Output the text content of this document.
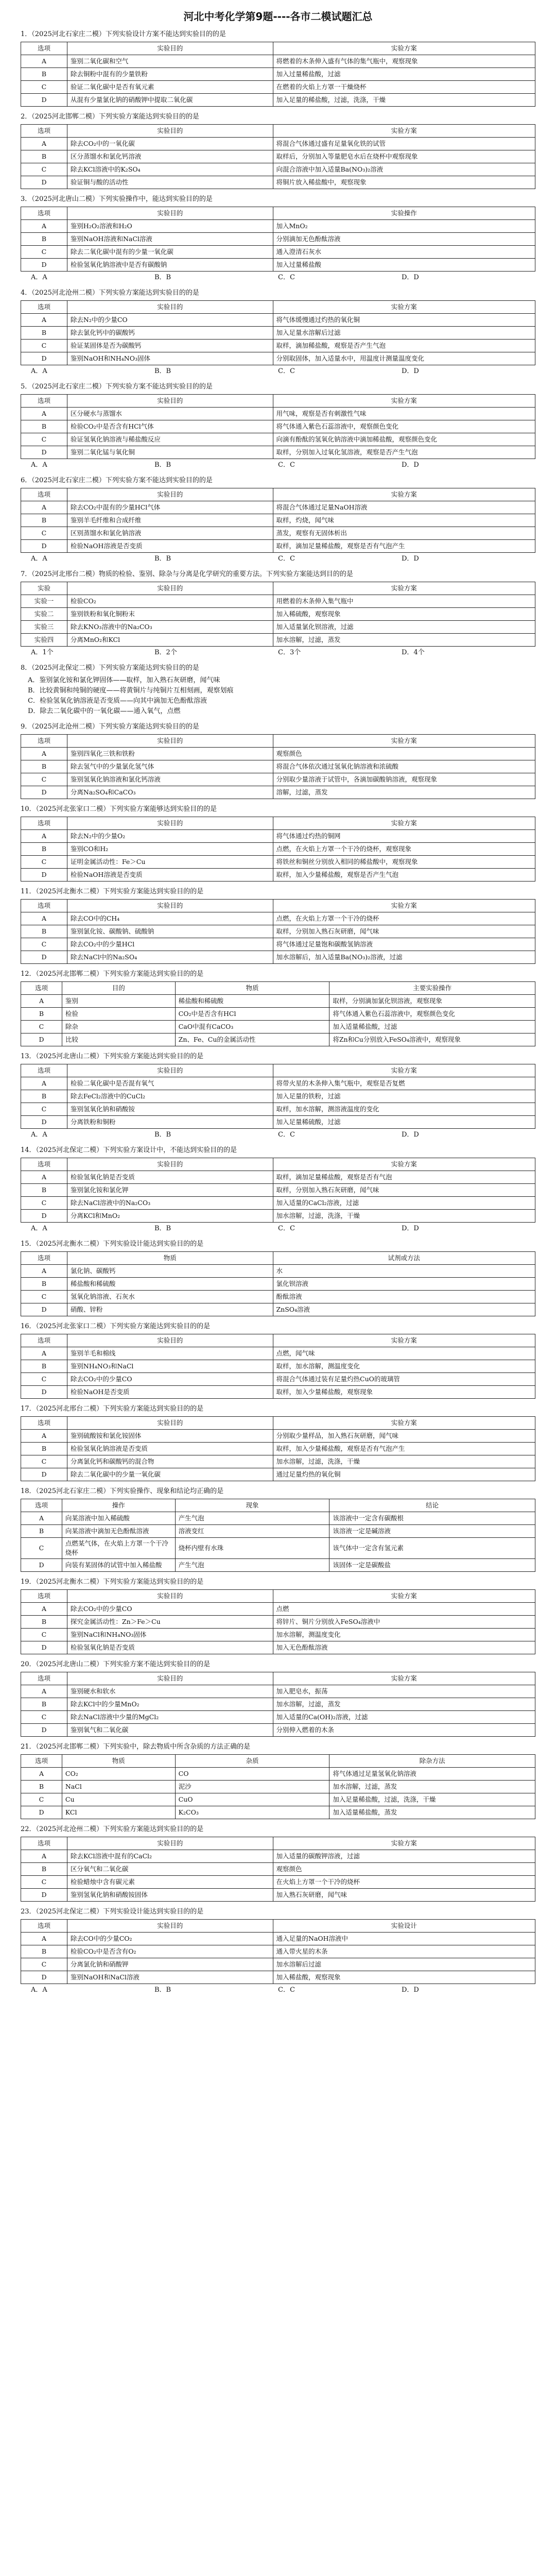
河北中考化学第9题----各市二模试题汇总
1．（2025河北石家庄二模）下列实验设计方案不能达到实验目的的是
选项	实验目的	实验方案
A	鉴别二氧化碳和空气	将燃着的木条伸入盛有气体的集气瓶中，观察现象
B	除去铜粉中混有的少量铁粉	加入过量稀盐酸，过滤
C	验证二氧化碳中是否有氧元素	在燃着的火焰上方罩一干燥烧杯
D	从混有少量氯化钠的硝酸钾中提取二氧化碳	加入足量的稀盐酸，过滤，洗涤，干燥
2．（2025河北邯郸二模）下列实验方案能达到实验目的的是
选项	实验目的	实验方案
A	除去CO₂中的一氧化碳	将混合气体通过盛有足量氧化铁的试管
B	区分蒸馏水和氯化钙溶液	取样后，分别加入等量肥皂水后在烧杯中观察现象
C	除去KCl溶液中的K₂SO₄	向混合溶液中加入适量Ba(NO₃)₂溶液
D	验证铜与酸的活动性	将铜片放入稀盐酸中，观察现象
3．（2025河北唐山二模）下列实验操作中，能达到实验目的的是
选项	实验目的	实验操作
A	鉴别H₂O₂溶液和H₂O	加入MnO₂
B	鉴别NaOH溶液和NaCl溶液	分别滴加无色酚酞溶液
C	除去二氧化碳中混有的少量一氧化碳	通入澄清石灰水
D	检验氢氧化钠溶液中是否有碳酸钠	加入过量稀盐酸
A．A	B．B	C．C	D．D
4．（2025河北沧州二模）下列实验方案能达到实验目的的是
选项	实验目的	实验方案
A	除去N₂中的少量CO	将气体缓慢通过灼热的氧化铜
B	除去氯化钙中的碳酸钙	加入足量水溶解后过滤
C	验证某固体是否为碳酸钙	取样，滴加稀盐酸，观察是否产生气泡
D	鉴别NaOH和NH₄NO₃固体	分别取固体，加入适量水中，用温度计测量温度变化
A．A	B．B	C．C	D．D
5．（2025河北石家庄二模）下列实验方案不能达到实验目的的是
选项	实验目的	实验方案
A	区分硬水与蒸馏水	用气味，观察是否有刺激性气味
B	检验CO₂中是否含有HCl气体	将气体通入紫色石蕊溶液中，观察颜色变化
C	验证氢氧化钠溶液与稀盐酸反应	向滴有酚酞的氢氧化钠溶液中滴加稀盐酸，观察颜色变化
D	鉴别二氧化锰与氧化铜	取样，分别加入过氧化氢溶液，观察是否产生气泡
A．A	B．B	C．C	D．D
6．（2025河北石家庄二模）下列实验方案不能达到实验目的的是
选项	实验目的	实验方案
A	除去CO₂中混有的少量HCl气体	将混合气体通过足量NaOH溶液
B	鉴别羊毛纤维和合成纤维	取样，灼烧，闻气味
C	区别蒸馏水和氯化钠溶液	蒸发，观察有无固体析出
D	检验NaOH溶液是否变质	取样，滴加足量稀盐酸，观察是否有气泡产生
A．A	B．B	C．C	D．D
7．（2025河北邢台二模）物质的检验、鉴别、除杂与分离是化学研究的重要方法。下列实验方案能达到目的的是
实验	实验目的	实验方案
实验一	检验CO₂	用燃着的木条伸入集气瓶中
实验二	鉴别铁粉和氧化铜粉末	加入稀硫酸，观察现象
实验三	除去KNO₃溶液中的Na₂CO₃	加入适量氯化钡溶液，过滤
实验四	分离MnO₂和KCl	加水溶解，过滤，蒸发
A．1个	B．2个	C．3个	D．4个
8．（2025河北保定二模）下列实验方案能达到实验目的的是
A．鉴别氯化铵和氯化钾固体——取样，加入熟石灰研磨，闻气味
B．比较黄铜和纯铜的硬度——将黄铜片与纯铜片互相刻画，观察划痕
C．检验氢氧化钠溶液是否变质——向其中滴加无色酚酞溶液
D．除去二氧化碳中的一氧化碳——通入氧气，点燃
9．（2025河北沧州二模）下列实验方案能达到实验目的的是
选项	实验目的	实验方案
A	鉴别四氧化三铁和铁粉	观察颜色
B	除去氢气中的少量氯化氢气体	将混合气体依次通过氢氧化钠溶液和浓硫酸
C	鉴别氢氧化钠溶液和氯化钙溶液	分别取少量溶液于试管中，各滴加碳酸钠溶液，观察现象
D	分离Na₂SO₄和CaCO₃	溶解，过滤，蒸发
10．（2025河北张家口二模）下列实验方案能够达到实验目的的是
选项	实验目的	实验方案
A	除去N₂中的少量O₂	将气体通过灼热的铜网
B	鉴别CO和H₂	点燃，在火焰上方罩一个干冷的烧杯，观察现象
C	证明金属活动性：Fe＞Cu	将铁丝和铜丝分别放入相同的稀盐酸中，观察现象
D	检验NaOH溶液是否变质	取样，加入少量稀盐酸，观察是否产生气泡
11．（2025河北衡水二模）下列实验方案能达到实验目的的是
选项	实验目的	实验方案
A	除去CO中的CH₄	点燃，在火焰上方罩一个干冷的烧杯
B	鉴别氯化铵、碳酸钠、硫酸钠	取样，分别加入熟石灰研磨，闻气味
C	除去CO₂中的少量HCl	将气体通过足量饱和碳酸氢钠溶液
D	除去NaCl中的Na₂SO₄	加水溶解后，加入适量Ba(NO₃)₂溶液，过滤
12．（2025河北邯郸二模）下列实验方案能达到实验目的的是
选项	目的	物质	主要实验操作
A	鉴别	稀盐酸和稀硫酸	取样，分别滴加氯化钡溶液，观察现象
B	检验	CO₂中是否含有HCl	将气体通入紫色石蕊溶液中，观察颜色变化
C	除杂	CaO中混有CaCO₃	加入适量稀盐酸，过滤
D	比较	Zn、Fe、Cu的金属活动性	将Zn和Cu分别放入FeSO₄溶液中，观察现象
13．（2025河北唐山二模）下列实验方案能达到实验目的的是
选项	实验目的	实验方案
A	检验二氧化碳中是否混有氧气	将带火星的木条伸入集气瓶中，观察是否复燃
B	除去FeCl₂溶液中的CuCl₂	加入足量的铁粉，过滤
C	鉴别氢氧化钠和硝酸铵	取样，加水溶解，测溶液温度的变化
D	分离铁粉和铜粉	加入足量稀硫酸，过滤
A．A	B．B	C．C	D．D
14．（2025河北保定二模）下列实验方案设计中，不能达到实验目的的是
选项	实验目的	实验方案
A	检验氢氧化钠是否变质	取样，滴加足量稀盐酸，观察是否有气泡
B	鉴别氯化铵和氯化钾	取样，分别加入熟石灰研磨，闻气味
C	除去NaCl溶液中的Na₂CO₃	加入适量的CaCl₂溶液，过滤
D	分离KCl和MnO₂	加水溶解，过滤，洗涤，干燥
A．A	B．B	C．C	D．D
15．（2025河北衡水二模）下列实验设计能达到实验目的的是
选项	物质	试剂或方法
A	氯化钠、碳酸钙	水
B	稀盐酸和稀硫酸	氯化钡溶液
C	氢氧化钠溶液、石灰水	酚酞溶液
D	硝酸、锌粉	ZnSO₄溶液
16．（2025河北张家口二模）下列实验方案能达到实验目的的是
选项	实验目的	实验方案
A	鉴别羊毛和棉线	点燃，闻气味
B	鉴别NH₄NO₃和NaCl	取样，加水溶解，测温度变化
C	除去CO₂中的少量CO	将混合气体通过装有足量灼热CuO的玻璃管
D	检验NaOH是否变质	取样，加入少量稀盐酸，观察现象
17．（2025河北邢台二模）下列实验方案能达到实验目的的是
选项	实验目的	实验方案
A	鉴别硫酸铵和氯化铵固体	分别取少量样品，加入熟石灰研磨，闻气味
B	检验氢氧化钠溶液是否变质	取样，加入少量稀盐酸，观察是否有气泡产生
C	分离氯化钙和碳酸钙的混合物	加水溶解，过滤，洗涤，干燥
D	除去二氧化碳中的少量一氧化碳	通过足量灼热的氧化铜
18．（2025河北石家庄二模）下列实验操作、现象和结论均正确的是
选项	操作	现象	结论
A	向某溶液中加入稀硫酸	产生气泡	该溶液中一定含有碳酸根
B	向某溶液中滴加无色酚酞溶液	溶液变红	该溶液一定是碱溶液
C	点燃某气体，在火焰上方罩一个干冷烧杯	烧杯内壁有水珠	该气体中一定含有氢元素
D	向装有某固体的试管中加入稀盐酸	产生气泡	该固体一定是碳酸盐
19．（2025河北衡水二模）下列实验方案能达到实验目的的是
选项	实验目的	实验方案
A	除去CO₂中的少量CO	点燃
B	探究金属活动性：Zn＞Fe＞Cu	将锌片、铜片分别放入FeSO₄溶液中
C	鉴别NaCl和NH₄NO₃固体	加水溶解，测温度变化
D	检验氢氧化钠是否变质	加入无色酚酞溶液
20．（2025河北唐山二模）下列实验方案不能达到实验目的的是
选项	实验目的	实验方案
A	鉴别硬水和软水	加入肥皂水，振荡
B	除去KCl中的少量MnO₂	加水溶解，过滤，蒸发
C	除去NaCl溶液中少量的MgCl₂	加入适量的Ca(OH)₂溶液，过滤
D	鉴别氧气和二氧化碳	分别伸入燃着的木条
21．（2025河北邯郸二模）下列实验中，除去物质中所含杂质的方法正确的是
选项	物质	杂质	除杂方法
A	CO₂	CO	将气体通过足量氢氧化钠溶液
B	NaCl	泥沙	加水溶解，过滤，蒸发
C	Cu	CuO	加入足量稀盐酸，过滤，洗涤，干燥
D	KCl	K₂CO₃	加入适量稀盐酸，蒸发
22．（2025河北沧州二模）下列实验方案能达到实验目的的是
选项	实验目的	实验方案
A	除去KCl溶液中混有的CaCl₂	加入适量的碳酸钾溶液，过滤
B	区分氧气和二氧化碳	观察颜色
C	检验蜡烛中含有碳元素	在火焰上方罩一个干冷的烧杯
D	鉴别氢氧化钠和硝酸铵固体	加入熟石灰研磨，闻气味
23．（2025河北保定二模）下列实验设计能达到实验目的的是
选项	实验目的	实验设计
A	除去CO中的少量CO₂	通入足量的NaOH溶液中
B	检验CO₂中是否含有O₂	通入带火星的木条
C	分离氯化钠和硝酸钾	加水溶解后过滤
D	鉴别NaOH和NaCl溶液	加入稀盐酸，观察现象
A．A	B．B	C．C	D．D
